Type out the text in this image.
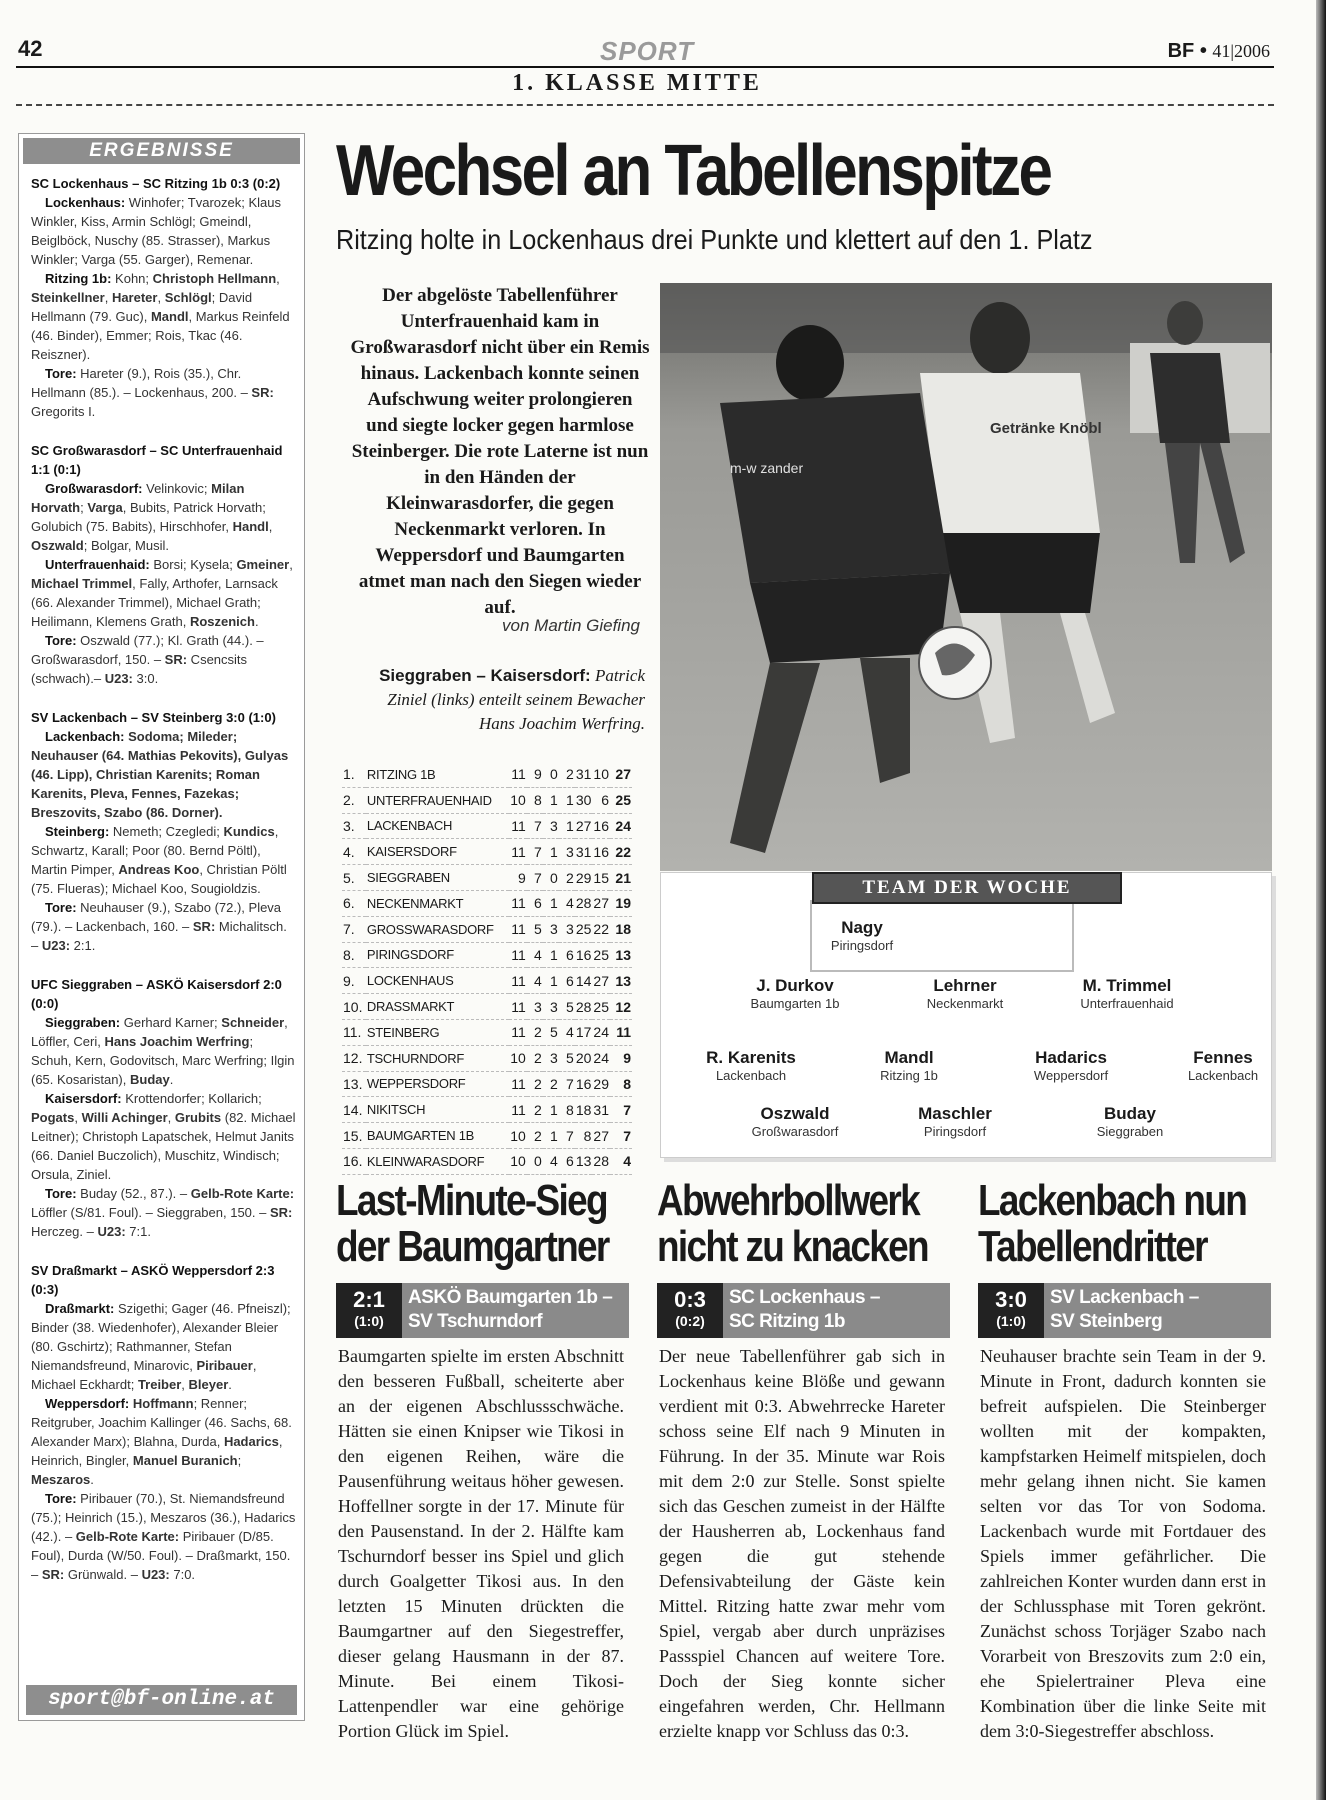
42	SPORT	BF • 41|2006
1. KLASSE MITTE
ERGEBNISSE
SC Lockenhaus – SC Ritzing 1b 0:3 (0:2)

Lockenhaus: Winhofer; Tvarozek; Klaus Winkler, Kiss, Armin Schlögl; Gmeindl, Beiglböck, Nuschy (85. Strasser), Markus Winkler; Varga (55. Garger), Remenar.

Ritzing 1b: Kohn; Christoph Hellmann, Steinkellner, Hareter, Schlögl; David Hellmann (79. Guc), Mandl, Markus Reinfeld (46. Binder), Emmer; Rois, Tkac (46. Reiszner).

Tore: Hareter (9.), Rois (35.), Chr. Hellmann (85.). – Lockenhaus, 200. – SR: Gregorits I.

SC Großwarasdorf – SC Unterfrauenhaid 1:1 (0:1)

Großwarasdorf: Velinkovic; Milan Horvath; Varga, Bubits, Patrick Horvath; Golubich (75. Babits), Hirschhofer, Handl, Oszwald; Bolgar, Musil.

Unterfrauenhaid: Borsi; Kysela; Gmeiner, Michael Trimmel, Fally, Arthofer, Larnsack (66. Alexander Trimmel), Michael Grath; Heilimann, Klemens Grath, Roszenich.

Tore: Oszwald (77.); Kl. Grath (44.). – Großwarasdorf, 150. – SR: Csencsits (schwach).– U23: 3:0.

SV Lackenbach – SV Steinberg 3:0 (1:0)

Lackenbach: Sodoma; Mileder; Neuhauser (64. Mathias Pekovits), Gulyas (46. Lipp), Christian Karenits; Roman Karenits, Pleva, Fennes, Fazekas; Breszovits, Szabo (86. Dorner).

Steinberg: Nemeth; Czegledi; Kundics, Schwartz, Karall; Poor (80. Bernd Pöltl), Martin Pimper, Andreas Koo, Christian Pöltl (75. Flueras); Michael Koo, Sougioldzis.

Tore: Neuhauser (9.), Szabo (72.), Pleva (79.). – Lackenbach, 160. – SR: Michalitsch. – U23: 2:1.

UFC Sieggraben – ASKÖ Kaisersdorf 2:0 (0:0)

Sieggraben: Gerhard Karner; Schneider, Löffler, Ceri, Hans Joachim Werfring; Schuh, Kern, Godovitsch, Marc Werfring; Ilgin (65. Kosaristan), Buday.

Kaisersdorf: Krottendorfer; Kollarich; Pogats, Willi Achinger, Grubits (82. Michael Leitner); Christoph Lapatschek, Helmut Janits (66. Daniel Buczolich), Muschitz, Windisch; Orsula, Ziniel.

Tore: Buday (52., 87.). – Gelb-Rote Karte: Löffler (S/81. Foul). – Sieggraben, 150. – SR: Herczeg. – U23: 7:1.

SV Draßmarkt – ASKÖ Weppersdorf 2:3 (0:3)

Draßmarkt: Szigethi; Gager (46. Pfneiszl); Binder (38. Wiedenhofer), Alexander Bleier (80. Gschirtz); Rathmanner, Stefan Niemandsfreund, Minarovic, Piribauer, Michael Eckhardt; Treiber, Bleyer.

Weppersdorf: Hoffmann; Renner; Reitgruber, Joachim Kallinger (46. Sachs, 68. Alexander Marx); Blahna, Durda, Hadarics, Heinrich, Bingler, Manuel Buranich; Meszaros.

Tore: Piribauer (70.), St. Niemandsfreund (75.); Heinrich (15.), Meszaros (36.), Hadarics (42.). – Gelb-Rote Karte: Piribauer (D/85. Foul), Durda (W/50. Foul). – Draßmarkt, 150. – SR: Grünwald. – U23: 7:0.

sport@bf-online.at
Wechsel an Tabellenspitze
Ritzing holte in Lockenhaus drei Punkte und klettert auf den 1. Platz
Der abgelöste Tabellenführer Unterfrauenhaid kam in Großwarasdorf nicht über ein Remis hinaus. Lackenbach konnte seinen Aufschwung weiter prolongieren und siegte locker gegen harmlose Steinberger. Die rote Laterne ist nun in den Händen der Kleinwarasdorfer, die gegen Neckenmarkt verloren. In Weppersdorf und Baumgarten atmet man nach den Siegen wieder auf.
von Martin Giefing
Sieggraben – Kaisersdorf: Patrick Ziniel (links) enteilt seinem Bewacher Hans Joachim Werfring.
Getränke Knöbl
m-w zander
1.	RITZING 1B	11	9	0	2	31	10	27
2.	UNTERFRAUENHAID	10	8	1	1	30	6	25
3.	LACKENBACH	11	7	3	1	27	16	24
4.	KAISERSDORF	11	7	1	3	31	16	22
5.	SIEGGRABEN	9	7	0	2	29	15	21
6.	NECKENMARKT	11	6	1	4	28	27	19
7.	GROSSWARASDORF	11	5	3	3	25	22	18
8.	PIRINGSDORF	11	4	1	6	16	25	13
9.	LOCKENHAUS	11	4	1	6	14	27	13
10.	DRASSMARKT	11	3	3	5	28	25	12
11.	STEINBERG	11	2	5	4	17	24	11
12.	TSCHURNDORF	10	2	3	5	20	24	9
13.	WEPPERSDORF	11	2	2	7	16	29	8
14.	NIKITSCH	11	2	1	8	18	31	7
15.	BAUMGARTEN 1B	10	2	1	7	8	27	7
16.	KLEINWARASDORF	10	0	4	6	13	28	4
TEAM DER WOCHE
Nagy
Piringsdorf
J. Durkov
Baumgarten 1b
Lehrner
Neckenmarkt
M. Trimmel
Unterfrauenhaid
R. Karenits
Lackenbach
Mandl
Ritzing 1b
Hadarics
Weppersdorf
Fennes
Lackenbach
Oszwald
Großwarasdorf
Maschler
Piringsdorf
Buday
Sieggraben
Last-Minute-Sieg
der Baumgartner
2:1
(1:0)
ASKÖ Baumgarten 1b –
SV Tschurndorf
Baumgarten spielte im ersten Abschnitt den besseren Fußball, scheiterte aber an der eigenen Abschlussschwäche. Hätten sie einen Knipser wie Tikosi in den eigenen Reihen, wäre die Pausenführung weitaus höher gewesen. Hoffellner sorgte in der 17. Minute für den Pausenstand. In der 2. Hälfte kam Tschurndorf besser ins Spiel und glich durch Goalgetter Tikosi aus. In den letzten 15 Minuten drückten die Baumgartner auf den Siegestreffer, dieser gelang Hausmann in der 87. Minute. Bei einem Tikosi-Lattenpendler war eine gehörige Portion Glück im Spiel.
Abwehrbollwerk
nicht zu knacken
0:3
(0:2)
SC Lockenhaus –
SC Ritzing 1b
Der neue Tabellenführer gab sich in Lockenhaus keine Blöße und gewann verdient mit 0:3. Abwehrrecke Hareter schoss seine Elf nach 9 Minuten in Führung. In der 35. Minute war Rois mit dem 2:0 zur Stelle. Sonst spielte sich das Geschen zumeist in der Hälfte der Hausherren ab, Lockenhaus fand gegen die gut stehende Defensivabteilung der Gäste kein Mittel. Ritzing hatte zwar mehr vom Spiel, vergab aber durch unpräzises Passspiel Chancen auf weitere Tore. Doch der Sieg konnte sicher eingefahren werden, Chr. Hellmann erzielte knapp vor Schluss das 0:3.
Lackenbach nun
Tabellendritter
3:0
(1:0)
SV Lackenbach –
SV Steinberg
Neuhauser brachte sein Team in der 9. Minute in Front, dadurch konnten sie befreit aufspielen. Die Steinberger wollten mit der kompakten, kampfstarken Heimelf mitspielen, doch mehr gelang ihnen nicht. Sie kamen selten vor das Tor von Sodoma. Lackenbach wurde mit Fortdauer des Spiels immer gefährlicher. Die zahlreichen Konter wurden dann erst in der Schlussphase mit Toren gekrönt. Zunächst schoss Torjäger Szabo nach Vorarbeit von Breszovits zum 2:0 ein, ehe Spielertrainer Pleva eine Kombination über die linke Seite mit dem 3:0-Siegestreffer abschloss.
